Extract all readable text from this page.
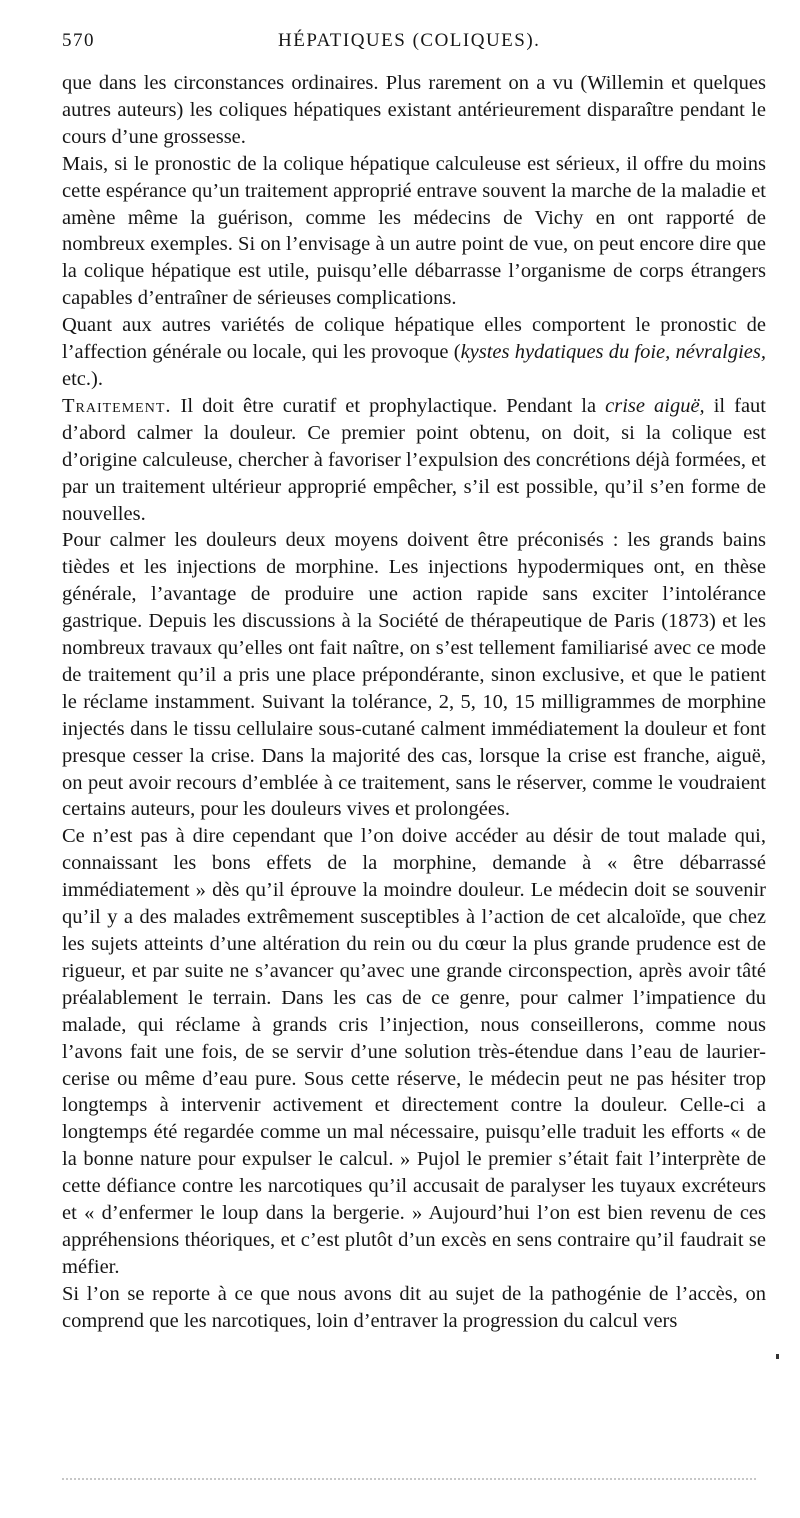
570	HÉPATIQUES (COLIQUES).

que dans les circonstances ordinaires. Plus rarement on a vu (Willemin et quelques autres auteurs) les coliques hépatiques existant antérieurement disparaître pendant le cours d’une grossesse.

Mais, si le pronostic de la colique hépatique calculeuse est sérieux, il offre du moins cette espérance qu’un traitement approprié entrave souvent la marche de la maladie et amène même la guérison, comme les médecins de Vichy en ont rapporté de nombreux exemples. Si on l’envisage à un autre point de vue, on peut encore dire que la colique hépatique est utile, puisqu’elle débarrasse l’organisme de corps étrangers capables d’entraîner de sérieuses complications.

Quant aux autres variétés de colique hépatique elles comportent le pronostic de l’affection générale ou locale, qui les provoque (kystes hydatiques du foie, névralgies, etc.).

Traitement. Il doit être curatif et prophylactique. Pendant la crise aiguë, il faut d’abord calmer la douleur. Ce premier point obtenu, on doit, si la colique est d’origine calculeuse, chercher à favoriser l’expulsion des concrétions déjà formées, et par un traitement ultérieur approprié empêcher, s’il est possible, qu’il s’en forme de nouvelles.

Pour calmer les douleurs deux moyens doivent être préconisés : les grands bains tièdes et les injections de morphine. Les injections hypodermiques ont, en thèse générale, l’avantage de produire une action rapide sans exciter l’intolérance gastrique. Depuis les discussions à la Société de thérapeutique de Paris (1873) et les nombreux travaux qu’elles ont fait naître, on s’est tellement familiarisé avec ce mode de traitement qu’il a pris une place prépondérante, sinon exclusive, et que le patient le réclame instamment. Suivant la tolérance, 2, 5, 10, 15 milligrammes de morphine injectés dans le tissu cellulaire sous-cutané calment immédiatement la douleur et font presque cesser la crise. Dans la majorité des cas, lorsque la crise est franche, aiguë, on peut avoir recours d’emblée à ce traitement, sans le réserver, comme le voudraient certains auteurs, pour les douleurs vives et prolongées.

Ce n’est pas à dire cependant que l’on doive accéder au désir de tout malade qui, connaissant les bons effets de la morphine, demande à « être débarrassé immédiatement » dès qu’il éprouve la moindre douleur. Le médecin doit se souvenir qu’il y a des malades extrêmement susceptibles à l’action de cet alcaloïde, que chez les sujets atteints d’une altération du rein ou du cœur la plus grande prudence est de rigueur, et par suite ne s’avancer qu’avec une grande circonspection, après avoir tâté préalablement le terrain. Dans les cas de ce genre, pour calmer l’impatience du malade, qui réclame à grands cris l’injection, nous conseillerons, comme nous l’avons fait une fois, de se servir d’une solution très-étendue dans l’eau de laurier-cerise ou même d’eau pure. Sous cette réserve, le médecin peut ne pas hésiter trop longtemps à intervenir activement et directement contre la douleur. Celle-ci a longtemps été regardée comme un mal nécessaire, puisqu’elle traduit les efforts « de la bonne nature pour expulser le calcul. » Pujol le premier s’était fait l’interprète de cette défiance contre les narcotiques qu’il accusait de paralyser les tuyaux excréteurs et « d’enfermer le loup dans la bergerie. » Aujourd’hui l’on est bien revenu de ces appréhensions théoriques, et c’est plutôt d’un excès en sens contraire qu’il faudrait se méfier.

Si l’on se reporte à ce que nous avons dit au sujet de la pathogénie de l’accès, on comprend que les narcotiques, loin d’entraver la progression du calcul vers
